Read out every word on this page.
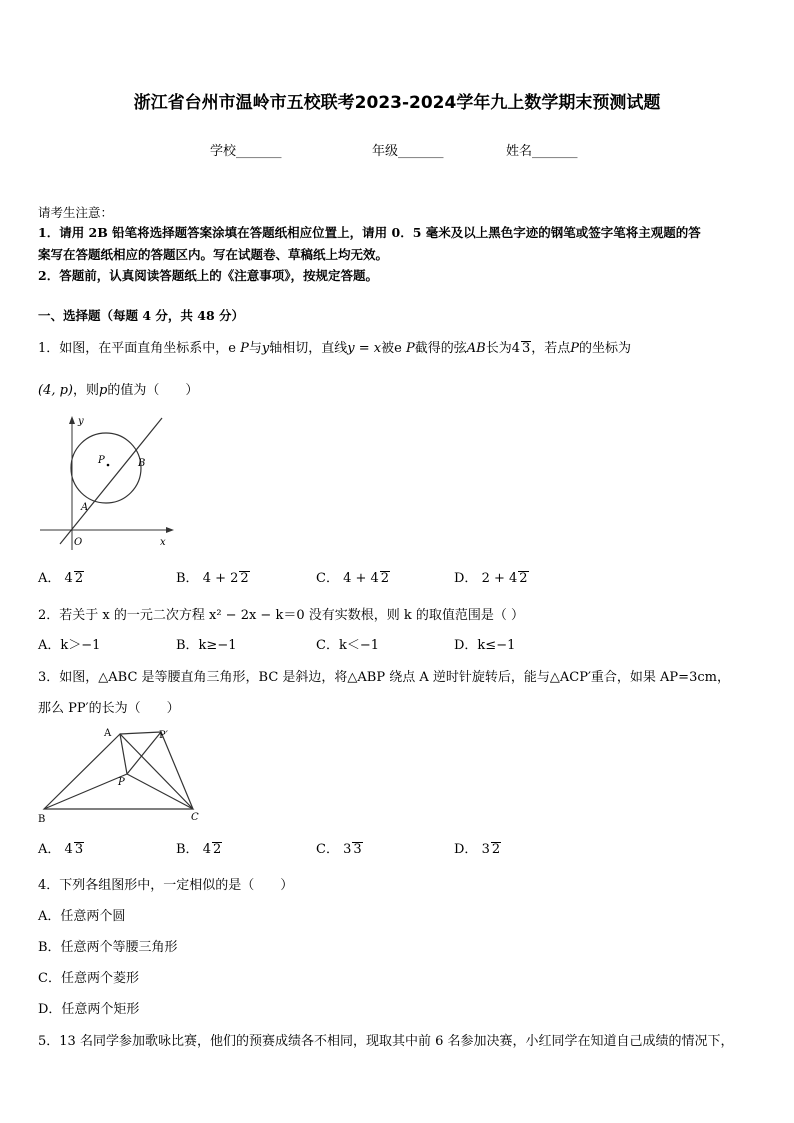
浙江省台州市温岭市五校联考2023-2024学年九上数学期末预测试题
学校_______	年级_______	姓名_______
请考生注意：
1．请用 2B 铅笔将选择题答案涂填在答题纸相应位置上，请用 0．5 毫米及以上黑色字迹的钢笔或签字笔将主观题的答
案写在答题纸相应的答题区内。写在试题卷、草稿纸上均无效。
2．答题前，认真阅读答题纸上的《注意事项》，按规定答题。
一、选择题（每题 4 分，共 48 分）
1．如图，在平面直角坐标系中，e P与y轴相切，直线y = x被e P截得的弦AB长为4 3，若点P的坐标为
(4, p)，则p的值为（　　）
y
x
O
P	B
A
A． 4 2	B． 4 + 2 2	C． 4 + 4 2	D． 2 + 4 2
2．若关于 x 的一元二次方程 x² − 2x − k＝0 没有实数根，则 k 的取值范围是（ ）
A．k＞−1	B．k≥−1	C．k＜−1	D．k≤−1
3．如图，△ABC 是等腰直角三角形，BC 是斜边，将△ABP 绕点 A 逆时针旋转后，能与△ACP′重合，如果 AP=3cm，
那么 PP′的长为（　　）
A	P′
P
B	C
A． 4 3	B． 4 2	C． 3 3	D． 3 2
4．下列各组图形中，一定相似的是（　　）
A．任意两个圆
B．任意两个等腰三角形
C．任意两个菱形
D．任意两个矩形
5．13 名同学参加歌咏比赛，他们的预赛成绩各不相同，现取其中前 6 名参加决赛，小红同学在知道自己成绩的情况下，
